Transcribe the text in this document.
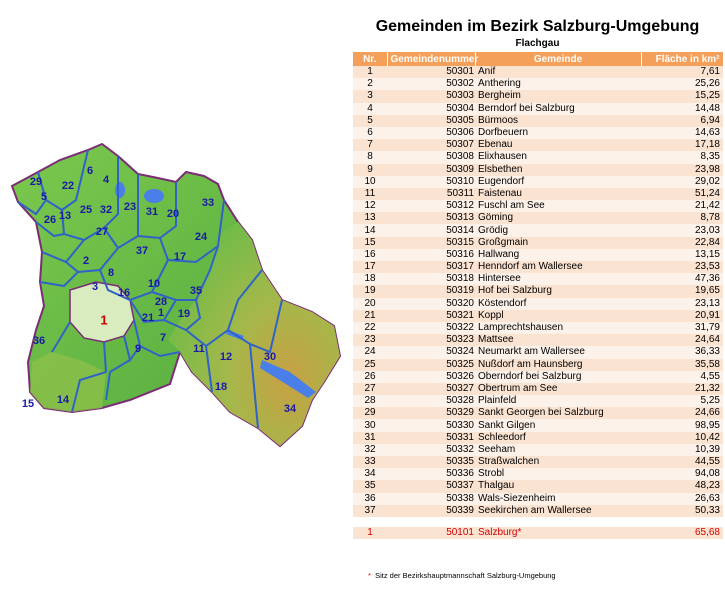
29 22
6
4
5
32 23 31 20
33
26 13 25
27	24
37 17
2
8
3 16
10
35
28
1
21 19
36
9
7
12
11
30
15 14
18
34
1
Gemeinden im Bezirk Salzburg-Umgebung
Flachgau
Nr.	Gemeindenummer	Gemeinde	Fläche in km²
1	50301	Anif	7,61
2	50302	Anthering	25,26
3	50303	Bergheim	15,25
4	50304	Berndorf bei Salzburg	14,48
5	50305	Bürmoos	6,94
6	50306	Dorfbeuern	14,63
7	50307	Ebenau	17,18
8	50308	Elixhausen	8,35
9	50309	Elsbethen	23,98
10	50310	Eugendorf	29,02
11	50311	Faistenau	51,24
12	50312	Fuschl am See	21,42
13	50313	Göming	8,78
14	50314	Grödig	23,03
15	50315	Großgmain	22,84
16	50316	Hallwang	13,15
17	50317	Henndorf am Wallersee	23,53
18	50318	Hintersee	47,36
19	50319	Hof bei Salzburg	19,65
20	50320	Köstendorf	23,13
21	50321	Koppl	20,91
22	50322	Lamprechtshausen	31,79
23	50323	Mattsee	24,64
24	50324	Neumarkt am Wallersee	36,33
25	50325	Nußdorf am Haunsberg	35,58
26	50326	Oberndorf bei Salzburg	4,55
27	50327	Obertrum am See	21,32
28	50328	Plainfeld	5,25
29	50329	Sankt Georgen bei Salzburg	24,66
30	50330	Sankt Gilgen	98,95
31	50331	Schleedorf	10,42
32	50332	Seeham	10,39
33	50335	Straßwalchen	44,55
34	50336	Strobl	94,08
35	50337	Thalgau	48,23
36	50338	Wals-Siezenheim	26,63
37	50339	Seekirchen am Wallersee	50,33

1	50101	Salzburg*	65,68
* Sitz der Bezirkshauptmannschaft Salzburg-Umgebung
